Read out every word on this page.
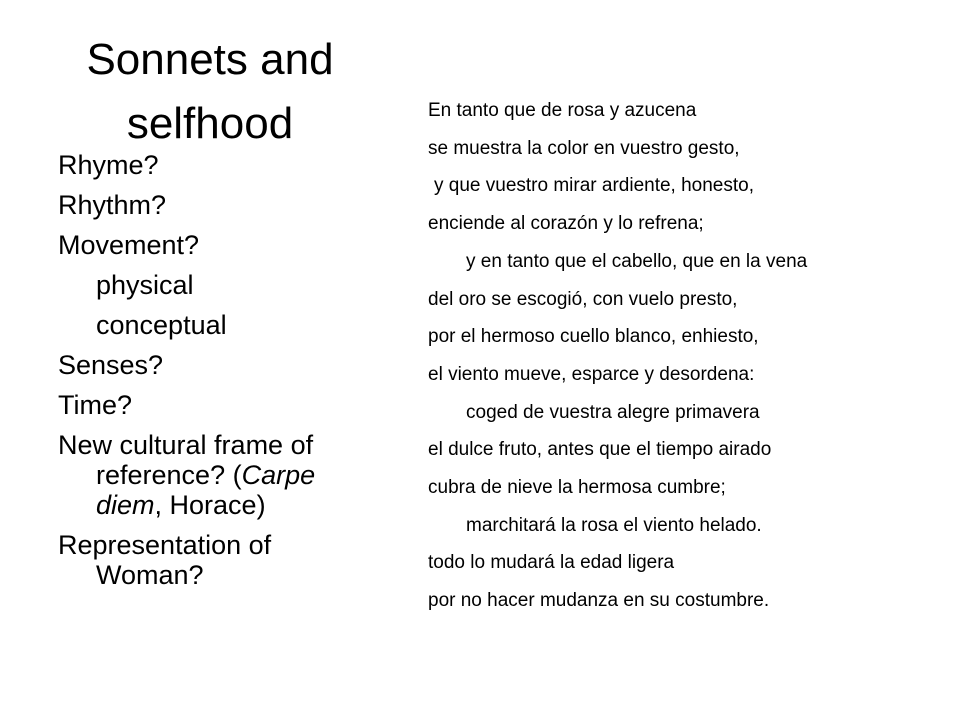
Sonnets and selfhood
Rhyme?
Rhythm?
Movement?
physical
conceptual
Senses?
Time?
New cultural frame of reference? (Carpe diem, Horace)
Representation of Woman?
En tanto que de rosa y azucena
se muestra la color en vuestro gesto,
y que vuestro mirar ardiente, honesto,
enciende al corazón y lo refrena;
y en tanto que el cabello, que en la vena
del oro se escogió, con vuelo presto,
por el hermoso cuello blanco, enhiesto,
el viento mueve, esparce y desordena:
coged de vuestra alegre primavera
el dulce fruto, antes que el tiempo airado
cubra de nieve la hermosa cumbre;
marchitará la rosa el viento helado.
todo lo mudará la edad ligera
por no hacer mudanza en su costumbre.
